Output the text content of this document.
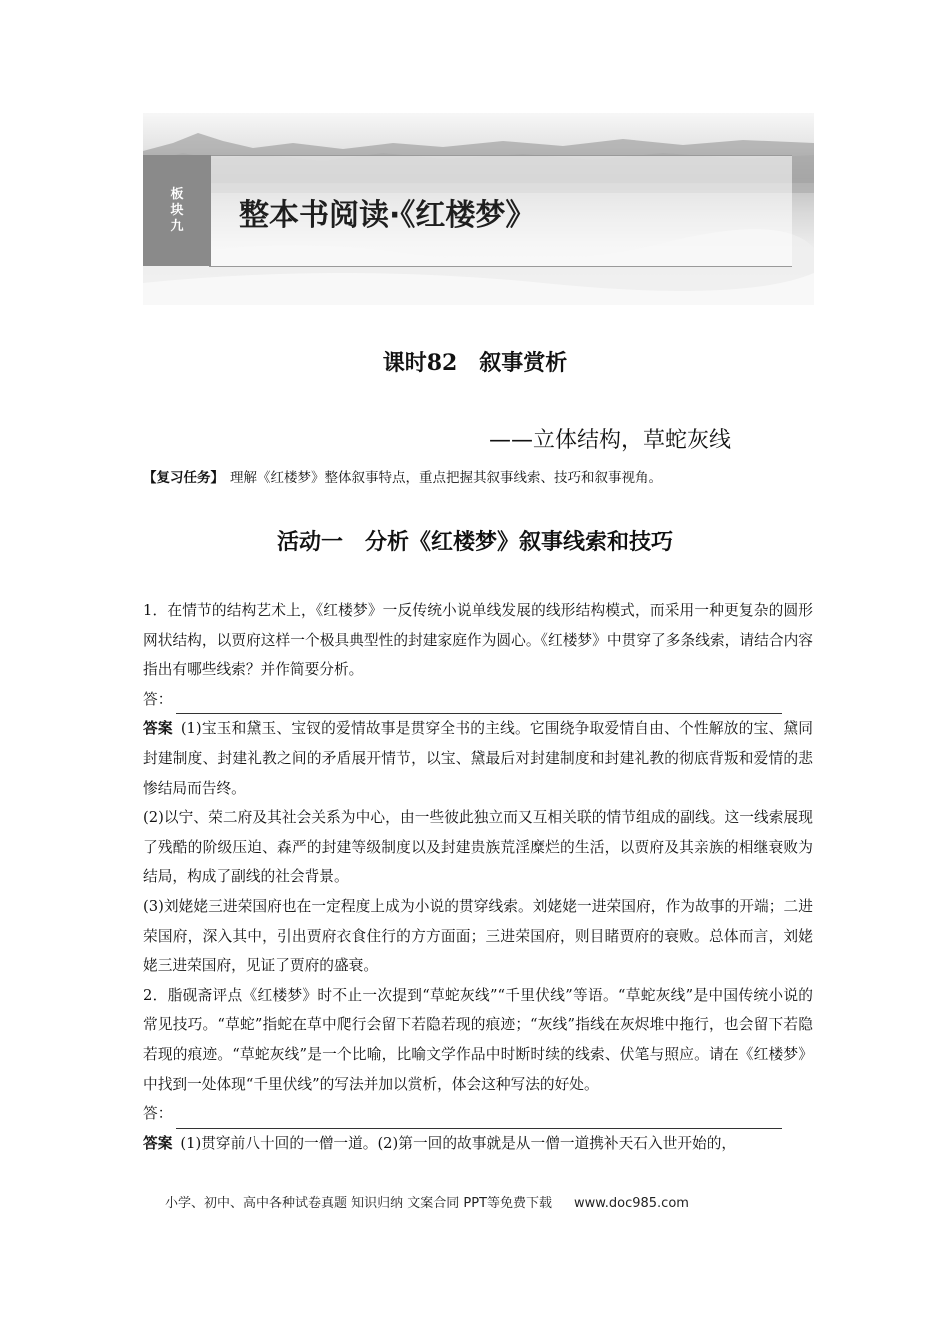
板块九 整本书阅读·《红楼梦》
课时82　叙事赏析
——立体结构，草蛇灰线
【复习任务】 理解《红楼梦》整体叙事特点，重点把握其叙事线索、技巧和叙事视角。
活动一　分析《红楼梦》叙事线索和技巧

1．在情节的结构艺术上，《红楼梦》一反传统小说单线发展的线形结构模式，而采用一种更复杂的圆形网状结构，以贾府这样一个极具典型性的封建家庭作为圆心。《红楼梦》中贯穿了多条线索，请结合内容指出有哪些线索？并作简要分析。

答：

答案 (1)宝玉和黛玉、宝钗的爱情故事是贯穿全书的主线。它围绕争取爱情自由、个性解放的宝、黛同封建制度、封建礼教之间的矛盾展开情节，以宝、黛最后对封建制度和封建礼教的彻底背叛和爱情的悲惨结局而告终。

(2)以宁、荣二府及其社会关系为中心，由一些彼此独立而又互相关联的情节组成的副线。这一线索展现了残酷的阶级压迫、森严的封建等级制度以及封建贵族荒淫糜烂的生活，以贾府及其亲族的相继衰败为结局，构成了副线的社会背景。

(3)刘姥姥三进荣国府也在一定程度上成为小说的贯穿线索。刘姥姥一进荣国府，作为故事的开端；二进荣国府，深入其中，引出贾府衣食住行的方方面面；三进荣国府，则目睹贾府的衰败。总体而言，刘姥姥三进荣国府，见证了贾府的盛衰。

2．脂砚斋评点《红楼梦》时不止一次提到“草蛇灰线”“千里伏线”等语。“草蛇灰线”是中国传统小说的常见技巧。“草蛇”指蛇在草中爬行会留下若隐若现的痕迹；“灰线”指线在灰烬堆中拖行，也会留下若隐若现的痕迹。“草蛇灰线”是一个比喻，比喻文学作品中时断时续的线索、伏笔与照应。请在《红楼梦》中找到一处体现“千里伏线”的写法并加以赏析，体会这种写法的好处。

答：

答案 (1)贯穿前八十回的一僧一道。(2)第一回的故事就是从一僧一道携补天石入世开始的，

小学、初中、高中各种试卷真题 知识归纳 文案合同 PPT等免费下载 www.doc985.com
